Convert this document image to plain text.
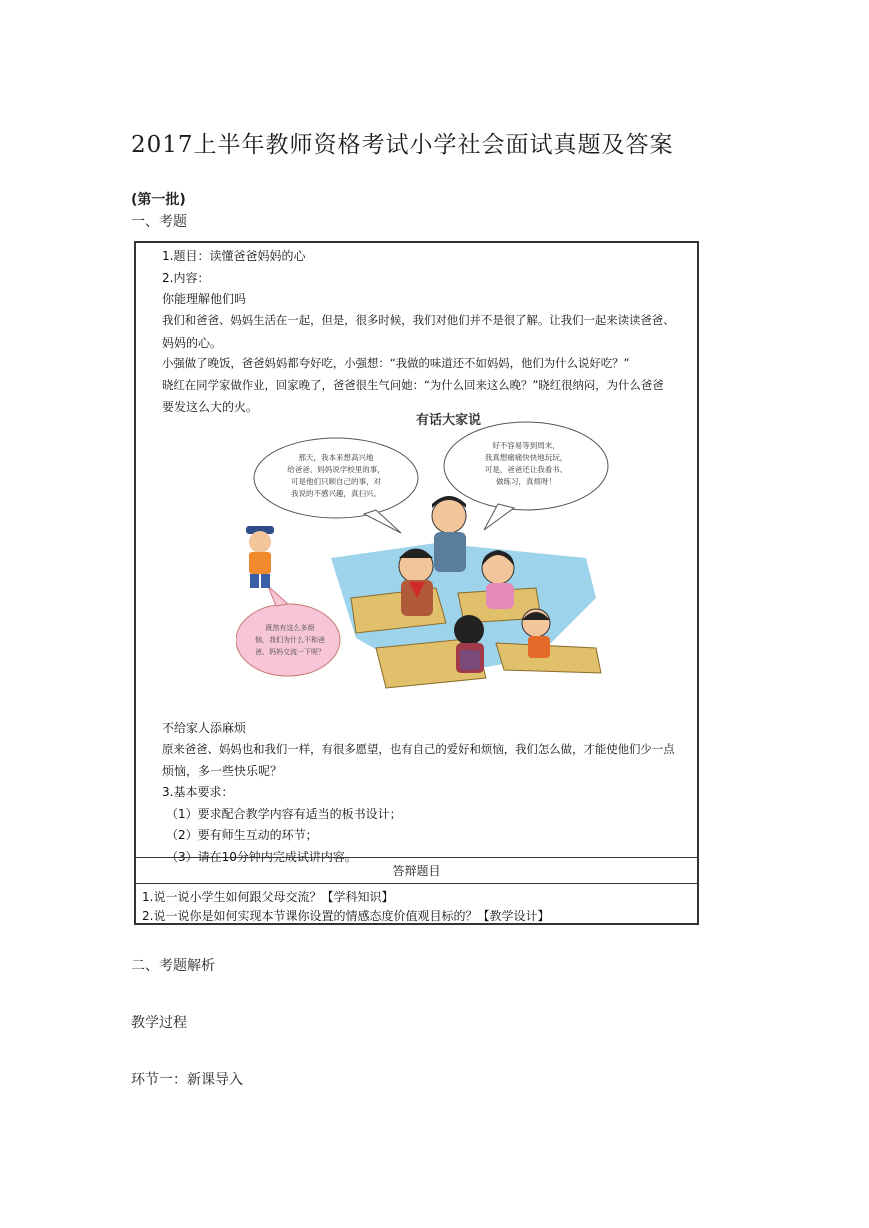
2017上半年教师资格考试小学社会面试真题及答案
(第一批)
一、考题
1.题目：读懂爸爸妈妈的心
2.内容：
你能理解他们吗
我们和爸爸、妈妈生活在一起，但是，很多时候，我们对他们并不是很了解。让我们一起来读读爸爸、
妈妈的心。
小强做了晚饭，爸爸妈妈都夸好吃，小强想：“我做的味道还不如妈妈，他们为什么说好吃？”
晓红在同学家做作业，回家晚了，爸爸很生气问她：“为什么回来这么晚？”晓红很纳闷，为什么爸爸
要发这么大的火。
有话大家说
那天，我本来想高兴地
给爸爸、妈妈说学校里的事，
可是他们只顾自己的事，对
我说的不感兴趣，真扫兴。
好不容易等到周末，
我真想痛痛快快地玩玩，
可是，爸爸还让我看书、
做练习，真烦呀！
既然有这么多烦
恼，我们为什么不和爸
爸、妈妈交流一下呢？
不给家人添麻烦
原来爸爸、妈妈也和我们一样，有很多愿望，也有自己的爱好和烦恼，我们怎么做，才能使他们少一点
烦恼，多一些快乐呢？
3.基本要求：
（1）要求配合教学内容有适当的板书设计；
（2）要有师生互动的环节；
（3）请在10分钟内完成试讲内容。
答辩题目
1.说一说小学生如何跟父母交流？【学科知识】
2.说一说你是如何实现本节课你设置的情感态度价值观目标的？【教学设计】
二、考题解析
教学过程
环节一：新课导入
